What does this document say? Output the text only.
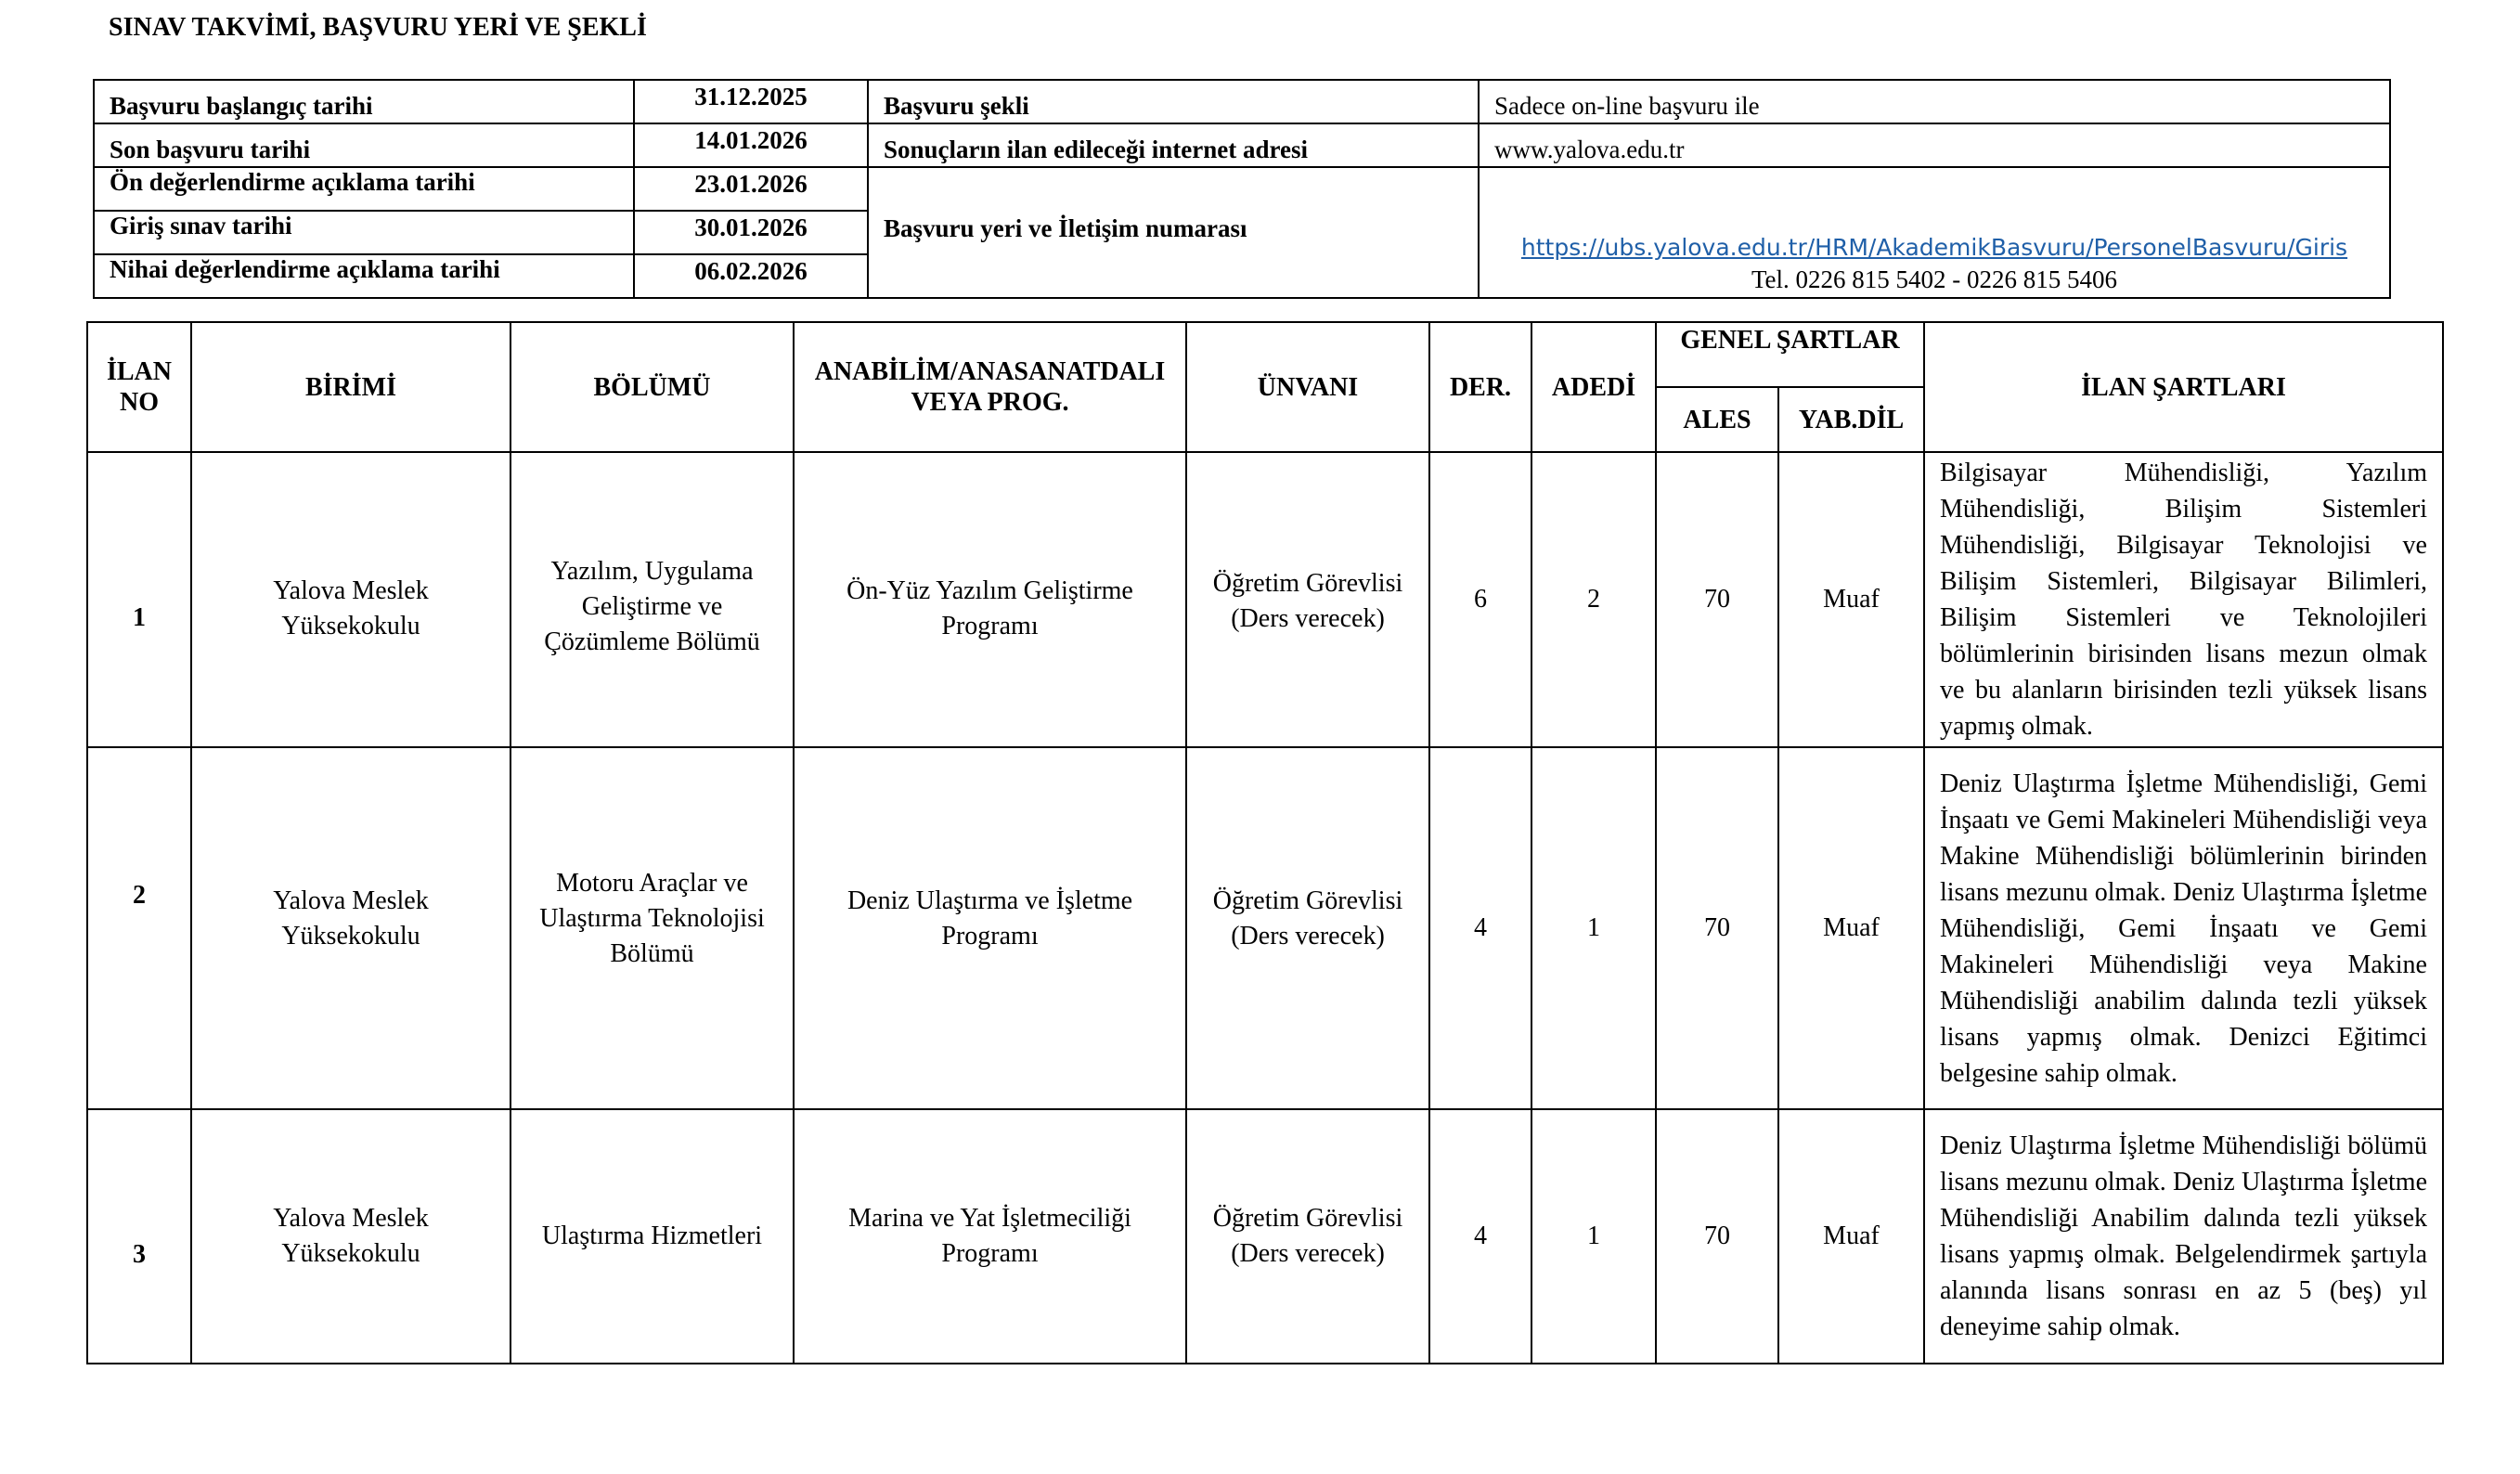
SINAV TAKVİMİ, BAŞVURU YERİ VE ŞEKLİ
Başvuru başlangıç tarihi	31.12.2025	Başvuru şekli	Sadece on-line başvuru ile
Son başvuru tarihi	14.01.2026	Sonuçların ilan edileceği internet adresi	www.yalova.edu.tr
Ön değerlendirme açıklama tarihi	23.01.2026	Başvuru yeri ve İletişim numarası	https://ubs.yalova.edu.tr/HRM/AkademikBasvuru/PersonelBasvuru/Giris
Tel. 0226 815 5402 - 0226 815 5406

Giriş sınav tarihi	30.01.2026		
Nihai değerlendirme açıklama tarihi	06.02.2026		
İLAN NO	BİRİMİ	BÖLÜMÜ	ANABİLİM/ANASANATDALI VEYA PROG.	ÜNVANI	DER.	ADEDİ	GENEL ŞARTLAR		İLAN ŞARTLARI
							ALES	YAB.DİL	
1	Yalova Meslek Yüksekokulu	Yazılım, Uygulama Geliştirme ve Çözümleme Bölümü	Ön-Yüz Yazılım Geliştirme Programı	Öğretim Görevlisi (Ders verecek)	6	2	70	Muaf	Bilgisayar Mühendisliği, Yazılım Mühendisliği, Bilişim Sistemleri Mühendisliği, Bilgisayar Teknolojisi ve Bilişim Sistemleri, Bilgisayar Bilimleri, Bilişim Sistemleri ve Teknolojileri bölümlerinin birisinden lisans mezun olmak ve bu alanların birisinden tezli yüksek lisans yapmış olmak.
2	Yalova Meslek Yüksekokulu	Motoru Araçlar ve Ulaştırma Teknolojisi Bölümü	Deniz Ulaştırma ve İşletme Programı	Öğretim Görevlisi (Ders verecek)	4	1	70	Muaf	Deniz Ulaştırma İşletme Mühendisliği, Gemi İnşaatı ve Gemi Makineleri Mühendisliği veya Makine Mühendisliği bölümlerinin birinden lisans mezunu olmak. Deniz Ulaştırma İşletme Mühendisliği, Gemi İnşaatı ve Gemi Makineleri Mühendisliği veya Makine Mühendisliği anabilim dalında tezli yüksek lisans yapmış olmak. Denizci Eğitimci belgesine sahip olmak.
3	Yalova Meslek Yüksekokulu	Ulaştırma Hizmetleri	Marina ve Yat İşletmeciliği Programı	Öğretim Görevlisi (Ders verecek)	4	1	70	Muaf	Deniz Ulaştırma İşletme Mühendisliği bölümü lisans mezunu olmak. Deniz Ulaştırma İşletme Mühendisliği Anabilim dalında tezli yüksek lisans yapmış olmak. Belgelendirmek şartıyla alanında lisans sonrası en az 5 (beş) yıl deneyime sahip olmak.
